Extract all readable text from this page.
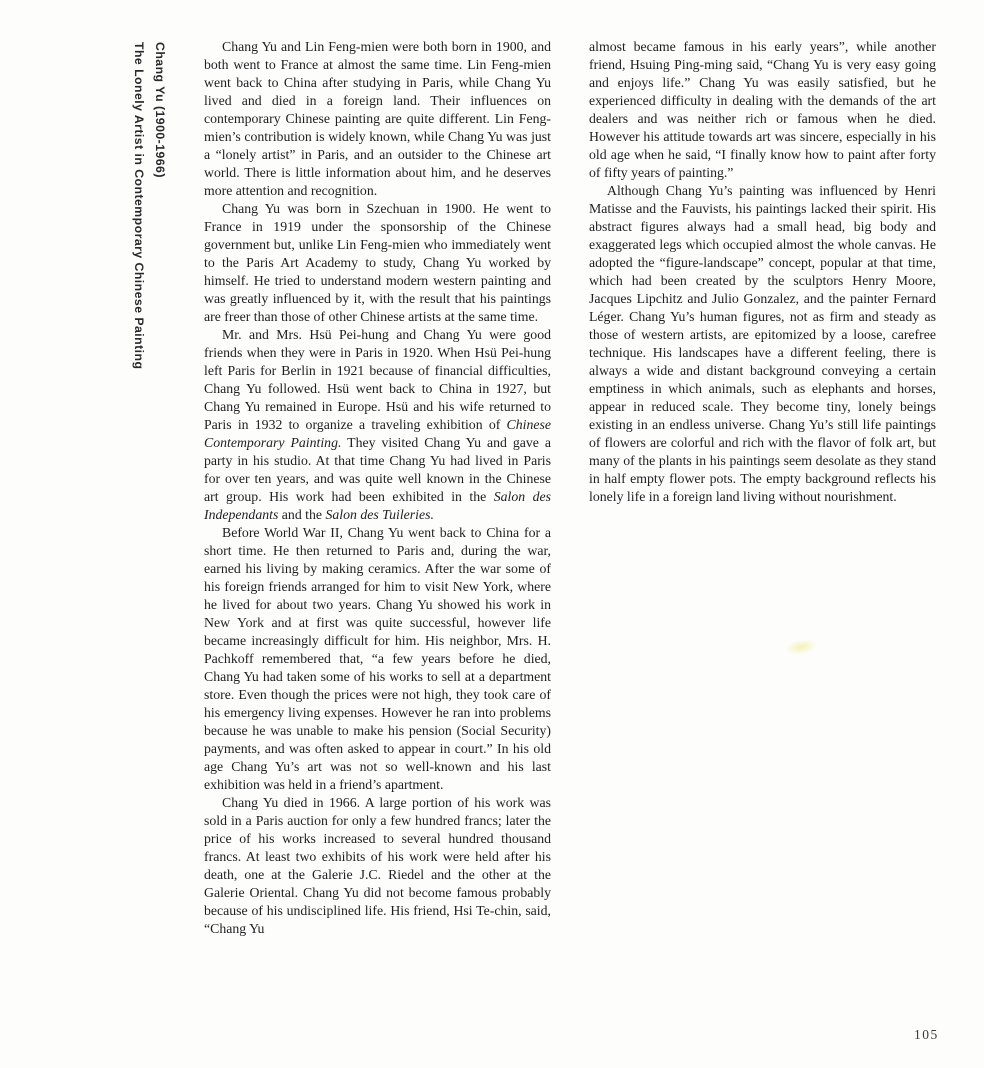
Chang Yu (1900-1966)
The Lonely Artist in Contemporary Chinese Painting	Chang Yu and Lin Feng-mien were both born in 1900, and both went to France at almost the same time. Lin Feng-mien went back to China after studying in Paris, while Chang Yu lived and died in a foreign land. Their influences on contemporary Chinese painting are quite different. Lin Feng-mien’s contribution is widely known, while Chang Yu was just a “lonely artist” in Paris, and an outsider to the Chinese art world. There is little information about him, and he deserves more attention and recognition.

Chang Yu was born in Szechuan in 1900. He went to France in 1919 under the sponsorship of the Chinese government but, unlike Lin Feng-mien who immediately went to the Paris Art Academy to study, Chang Yu worked by himself. He tried to understand modern western painting and was greatly influenced by it, with the result that his paintings are freer than those of other Chinese artists at the same time.

Mr. and Mrs. Hsü Pei-hung and Chang Yu were good friends when they were in Paris in 1920. When Hsü Pei-hung left Paris for Berlin in 1921 because of financial difficulties, Chang Yu followed. Hsü went back to China in 1927, but Chang Yu remained in Europe. Hsü and his wife returned to Paris in 1932 to organize a traveling exhibition of Chinese Contemporary Painting. They visited Chang Yu and gave a party in his studio. At that time Chang Yu had lived in Paris for over ten years, and was quite well known in the Chinese art group. His work had been exhibited in the Salon des Independants and the Salon des Tuileries.

Before World War II, Chang Yu went back to China for a short time. He then returned to Paris and, during the war, earned his living by making ceramics. After the war some of his foreign friends arranged for him to visit New York, where he lived for about two years. Chang Yu showed his work in New York and at first was quite successful, however life became increasingly difficult for him. His neighbor, Mrs. H. Pachkoff remembered that, “a few years before he died, Chang Yu had taken some of his works to sell at a department store. Even though the prices were not high, they took care of his emergency living expenses. However he ran into problems because he was unable to make his pension (Social Security) payments, and was often asked to appear in court.” In his old age Chang Yu’s art was not so well-known and his last exhibition was held in a friend’s apartment.

Chang Yu died in 1966. A large portion of his work was sold in a Paris auction for only a few hundred francs; later the price of his works increased to several hundred thousand francs. At least two exhibits of his work were held after his death, one at the Galerie J.C. Riedel and the other at the Galerie Oriental. Chang Yu did not become famous probably because of his undisciplined life. His friend, Hsi Te-chin, said, “Chang Yu

almost became famous in his early years”, while another friend, Hsuing Ping-ming said, “Chang Yu is very easy going and enjoys life.” Chang Yu was easily satisfied, but he experienced difficulty in dealing with the demands of the art dealers and was neither rich or famous when he died. However his attitude towards art was sincere, especially in his old age when he said, “I finally know how to paint after forty of fifty years of painting.”

Although Chang Yu’s painting was influenced by Henri Matisse and the Fauvists, his paintings lacked their spirit. His abstract figures always had a small head, big body and exaggerated legs which occupied almost the whole canvas. He adopted the “figure-landscape” concept, popular at that time, which had been created by the sculptors Henry Moore, Jacques Lipchitz and Julio Gonzalez, and the painter Fernard Léger. Chang Yu’s human figures, not as firm and steady as those of western artists, are epitomized by a loose, carefree technique. His landscapes have a different feeling, there is always a wide and distant background conveying a certain emptiness in which animals, such as elephants and horses, appear in reduced scale. They become tiny, lonely beings existing in an endless universe. Chang Yu’s still life paintings of flowers are colorful and rich with the flavor of folk art, but many of the plants in his paintings seem desolate as they stand in half empty flower pots. The empty background reflects his lonely life in a foreign land living without nourishment.

105
